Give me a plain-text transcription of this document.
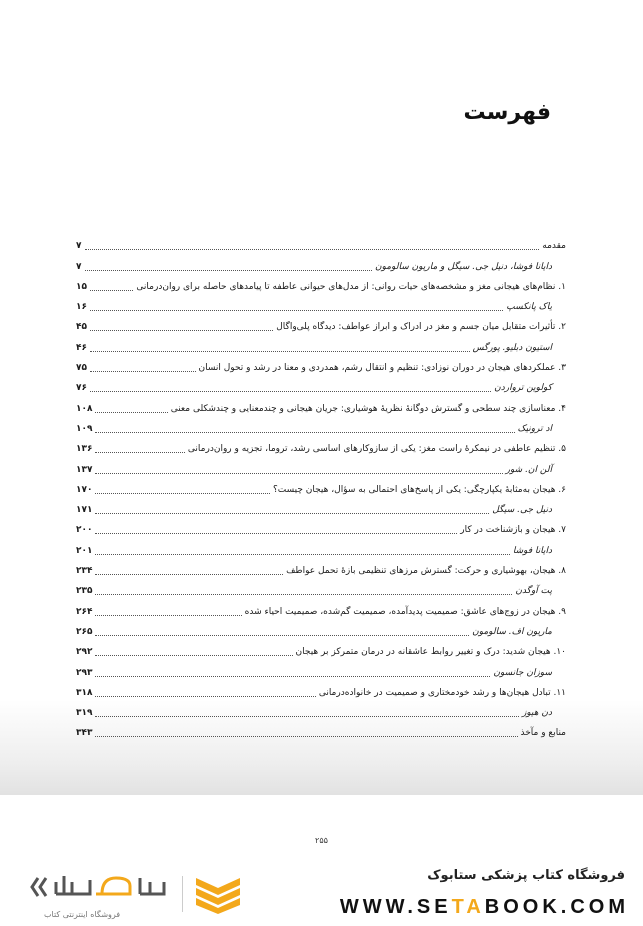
فهرست
مقدمه
۷
دایانا فوشا، دنیل جی. سیگل و ماریون سالومون
۷
۱. نظام‌های هیجانی مغز و مشخصه‌های حیات روانی: از مدل‌های حیوانی عاطفه تا پیامدهای حاصله برای روان‌درمانی
۱۵
یاک پانکسپ
۱۶
۲. تأثیرات متقابل میان جسم و مغز در ادراک و ابراز عواطف: دیدگاه پلی‌واگال
۴۵
استیون دبلیو. پورگس
۴۶
۳. عملکردهای هیجان در دوران نوزادی: تنظیم و انتقال رشم، همدردی و معنا در رشد و تحول انسان
۷۵
کولوین ترواردن
۷۶
۴. معناسازی چند سطحی و گسترش دوگانهٔ نظریهٔ هوشیاری: جریان هیجانی و چندمعنایی و چندشکلی معنی
۱۰۸
اد ترونیک
۱۰۹
۵. تنظیم عاطفی در نیمکرهٔ راست مغز: یکی از سازوکارهای اساسی رشد، تروما، تجزیه و روان‌درمانی
۱۳۶
آلن ان. شور
۱۳۷
۶. هیجان به‌مثابهٔ یکپارچگی: یکی از پاسخ‌های احتمالی به سؤال، هیجان چیست؟
۱۷۰
دنیل جی. سیگل
۱۷۱
۷. هیجان و بازشناخت در کار
۲۰۰
دایانا فوشا
۲۰۱
۸. هیجان، بهوشیاری و حرکت: گسترش مرزهای تنظیمی بازهٔ تحمل عواطف
۲۳۴
پت آوگدن
۲۳۵
۹. هیجان در زوج‌های عاشق: صمیمیت پدیدآمده، صمیمیت گم‌شده، صمیمیت احیاء شده
۲۶۴
ماریون اف. سالومون
۲۶۵
۱۰. هیجان شدید: درک و تغییر روابط عاشقانه در درمان متمرکز بر هیجان
۲۹۲
سوزان جانسون
۲۹۳
۱۱. تبادل هیجان‌ها و رشد خودمختاری و صمیمیت در خانواده‌درمانی
۳۱۸
دن هیوز
۳۱۹
منابع و مآخذ
۳۴۳
۲۵۵
فروشگاه کتاب پزشکی ستابوک
WWW.SETABOOK.COM
فروشگاه اینترنتی کتاب
